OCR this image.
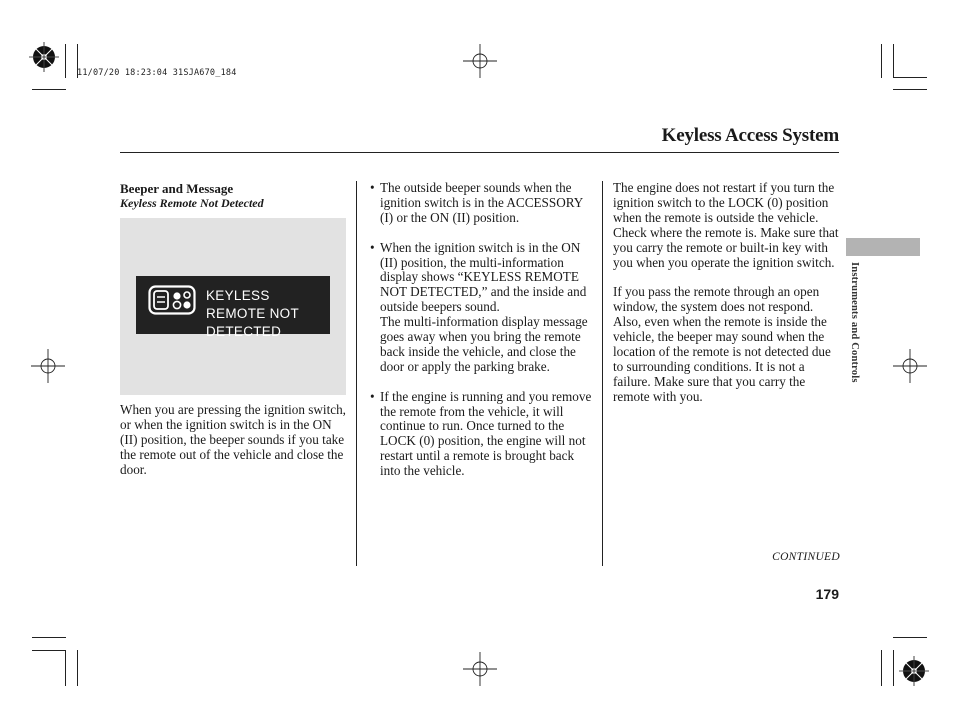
11/07/20 18:23:04 31SJA670_184
Keyless Access System
Instruments and Controls
Beeper and Message
Keyless Remote Not Detected
KEYLESS REMOTE NOT DETECTED
When you are pressing the ignition switch, or when the ignition switch is in the ON (II) position, the beeper sounds if you take the remote out of the vehicle and close the door.
• The outside beeper sounds when the ignition switch is in the ACCESSORY (I) or the ON (II) position.
• When the ignition switch is in the ON (II) position, the multi-information display shows “KEYLESS REMOTE NOT DETECTED,” and the inside and outside beepers sound.
The multi-information display message goes away when you bring the remote back inside the vehicle, and close the door or apply the parking brake.
• If the engine is running and you remove the remote from the vehicle, it will continue to run. Once turned to the LOCK (0) position, the engine will not restart until a remote is brought back into the vehicle.

The engine does not restart if you turn the ignition switch to the LOCK (0) position when the remote is outside the vehicle. Check where the remote is. Make sure that you carry the remote or built-in key with you when you operate the ignition switch.

If you pass the remote through an open window, the system does not respond. Also, even when the remote is inside the vehicle, the beeper may sound when the location of the remote is not detected due to surrounding conditions. It is not a failure. Make sure that you carry the remote with you.

CONTINUED
179
